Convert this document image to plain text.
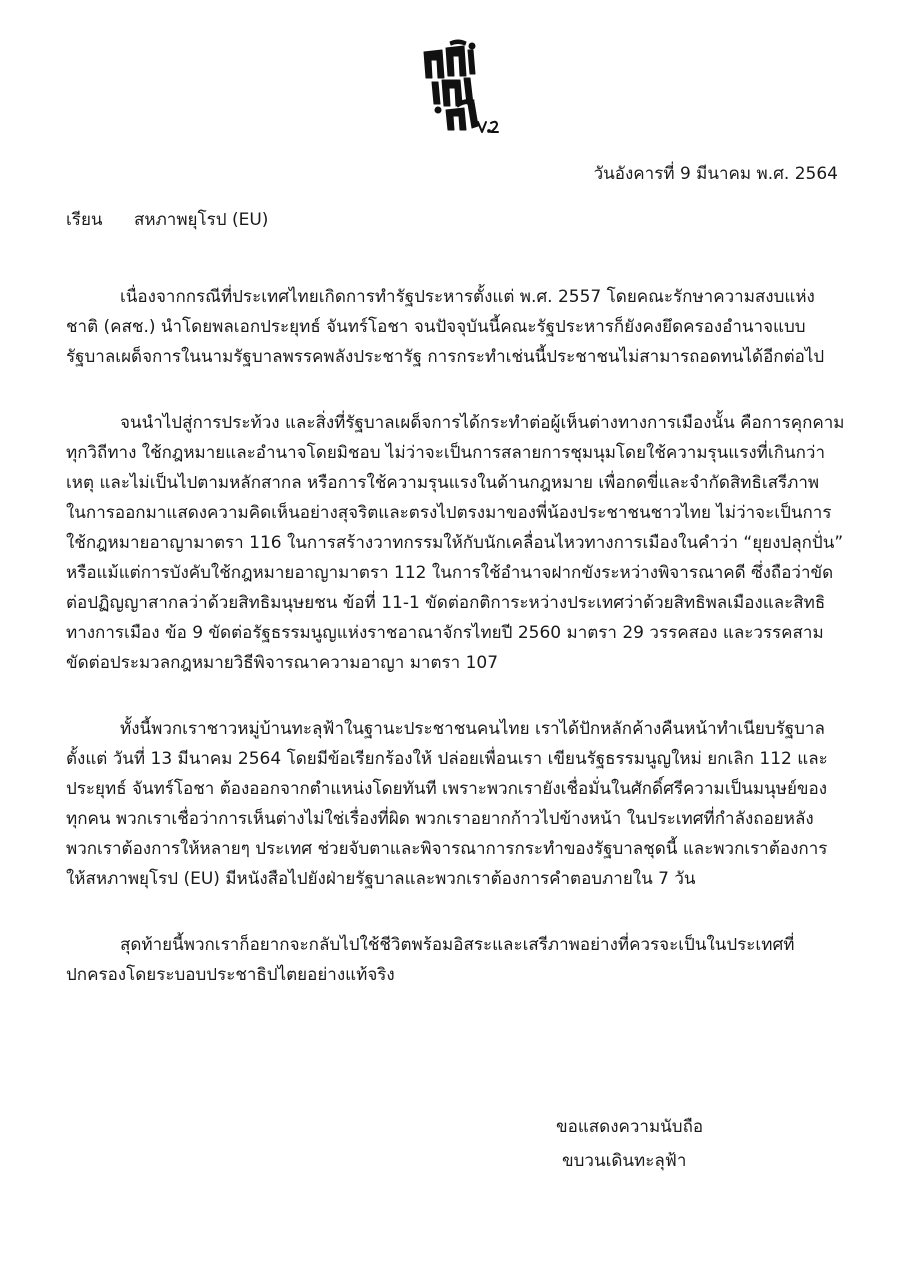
วันอังคารที่ 9 มีนาคม พ.ศ. 2564
เรียน สหภาพยุโรป (EU)
เนื่องจากกรณีที่ประเทศไทยเกิดการทำรัฐประหารตั้งแต่ พ.ศ. 2557 โดยคณะรักษาความสงบแห่ง
ชาติ (คสช.) นำโดยพลเอกประยุทธ์ จันทร์โอชา จนปัจจุบันนี้คณะรัฐประหารก็ยังคงยึดครองอำนาจแบบ
รัฐบาลเผด็จการในนามรัฐบาลพรรคพลังประชารัฐ การกระทำเช่นนี้ประชาชนไม่สามารถอดทนได้อีกต่อไป
จนนำไปสู่การประท้วง และสิ่งที่รัฐบาลเผด็จการได้กระทำต่อผู้เห็นต่างทางการเมืองนั้น คือการคุกคาม
ทุกวิถีทาง ใช้กฎหมายและอำนาจโดยมิชอบ ไม่ว่าจะเป็นการสลายการชุมนุมโดยใช้ความรุนแรงที่เกินกว่า
เหตุ และไม่เป็นไปตามหลักสากล หรือการใช้ความรุนแรงในด้านกฎหมาย เพื่อกดขี่และจำกัดสิทธิเสรีภาพ
ในการออกมาแสดงความคิดเห็นอย่างสุจริตและตรงไปตรงมาของพี่น้องประชาชนชาวไทย ไม่ว่าจะเป็นการ
ใช้กฎหมายอาญามาตรา 116 ในการสร้างวาทกรรมให้กับนักเคลื่อนไหวทางการเมืองในคำว่า “ยุยงปลุกปั่น”
หรือแม้แต่การบังคับใช้กฎหมายอาญามาตรา 112 ในการใช้อำนาจฝากขังระหว่างพิจารณาคดี ซึ่งถือว่าขัด
ต่อปฏิญญาสากลว่าด้วยสิทธิมนุษยชน ข้อที่ 11-1 ขัดต่อกติการะหว่างประเทศว่าด้วยสิทธิพลเมืองและสิทธิ
ทางการเมือง ข้อ 9 ขัดต่อรัฐธรรมนูญแห่งราชอาณาจักรไทยปี 2560 มาตรา 29 วรรคสอง และวรรคสาม
ขัดต่อประมวลกฎหมายวิธีพิจารณาความอาญา มาตรา 107
ทั้งนี้พวกเราชาวหมู่บ้านทะลุฟ้าในฐานะประชาชนคนไทย เราได้ปักหลักค้างคืนหน้าทำเนียบรัฐบาล
ตั้งแต่ วันที่ 13 มีนาคม 2564 โดยมีข้อเรียกร้องให้ ปล่อยเพื่อนเรา เขียนรัฐธรรมนูญใหม่ ยกเลิก 112 และ
ประยุทธ์ จันทร์โอชา ต้องออกจากตำแหน่งโดยทันที เพราะพวกเรายังเชื่อมั่นในศักดิ์ศรีความเป็นมนุษย์ของ
ทุกคน พวกเราเชื่อว่าการเห็นต่างไม่ใช่เรื่องที่ผิด พวกเราอยากก้าวไปข้างหน้า ในประเทศที่กำลังถอยหลัง
พวกเราต้องการให้หลายๆ ประเทศ ช่วยจับตาและพิจารณาการกระทำของรัฐบาลชุดนี้ และพวกเราต้องการ
ให้สหภาพยุโรป (EU) มีหนังสือไปยังฝ่ายรัฐบาลและพวกเราต้องการคำตอบภายใน 7 วัน
สุดท้ายนี้พวกเราก็อยากจะกลับไปใช้ชีวิตพร้อมอิสระและเสรีภาพอย่างที่ควรจะเป็นในประเทศที่
ปกครองโดยระบอบประชาธิปไตยอย่างแท้จริง
ขอแสดงความนับถือ
ขบวนเดินทะลุฟ้า
